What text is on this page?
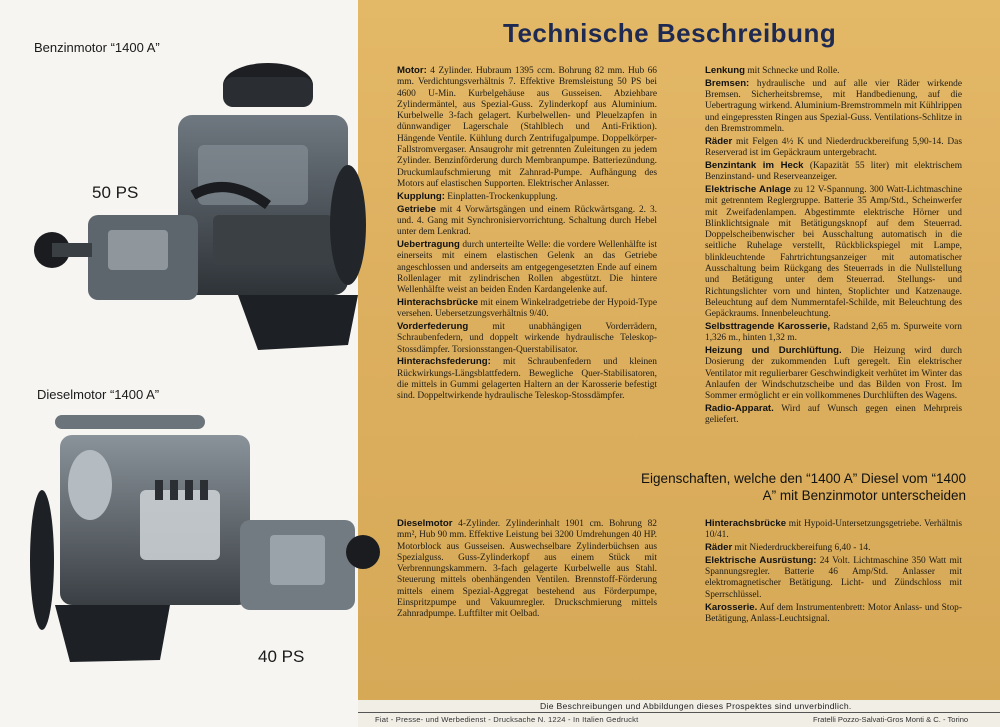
Benzinmotor “1400 A”
50 PS
Dieselmotor “1400 A”
40 PS
Technische Beschreibung

Motor: 4 Zylinder. Hubraum 1395 ccm. Bohrung 82 mm. Hub 66 mm. Verdichtungsverhältnis 7. Effektive Bremsleistung 50 PS bei 4600 U-Min. Kurbelgehäuse aus Gusseisen. Abziehbare Zylindermäntel, aus Spezial-Guss. Zylinderkopf aus Aluminium. Kurbelwelle 3-fach gelagert. Kurbelwellen- und Pleuelzapfen in dünnwandiger Lagerschale (Stahlblech und Anti-Friktion). Hängende Ventile. Kühlung durch Zentrifugalpumpe. Doppelkörper-Fallstromvergaser. Ansaugrohr mit getrennten Zuleitungen zu jedem Zylinder. Benzinförderung durch Membranpumpe. Batteriezündung. Druckumlaufschmierung mit Zahnrad-Pumpe. Aufhängung des Motors auf elastischen Supporten. Elektrischer Anlasser.

Kupplung: Einplatten-Trockenkupplung.

Getriebe mit 4 Vorwärtsgängen und einem Rückwärtsgang. 2. 3. und. 4. Gang mit Synchronisiervorrichtung. Schaltung durch Hebel unter dem Lenkrad.

Uebertragung durch unterteilte Welle: die vordere Wellenhälfte ist einerseits mit einem elastischen Gelenk an das Getriebe angeschlossen und anderseits am entgegengesetzten Ende auf einem Rollenlager mit zylindrischen Rollen abgestützt. Die hintere Wellenhälfte weist an beiden Enden Kardangelenke auf.

Hinterachsbrücke mit einem Winkelradgetriebe der Hypoid-Type versehen. Uebersetzungsverhältnis 9/40.

Vorderfederung mit unabhängigen Vorderrädern, Schraubenfedern, und doppelt wirkende hydraulische Teleskop-Stossdämpfer. Torsionsstangen-Querstabilisator.

Hinterachsfederung: mit Schraubenfedern und kleinen Rückwirkungs-Längsblattfedern. Bewegliche Quer-Stabilisatoren, die mittels in Gummi gelagerten Haltern an der Karosserie befestigt sind. Doppeltwirkende hydraulische Teleskop-Stossdämpfer.

Lenkung mit Schnecke und Rolle.

Bremsen: hydraulische und auf alle vier Räder wirkende Bremsen. Sicherheitsbremse, mit Handbedienung, auf die Uebertragung wirkend. Aluminium-Bremstrommeln mit Kühlrippen und eingepressten Ringen aus Spezial-Guss. Ventilations-Schlitze in den Bremstrommeln.

Räder mit Felgen 4½ K und Niederdruckbereifung 5,90-14. Das Reserverad ist im Gepäckraum untergebracht.

Benzintank im Heck (Kapazität 55 liter) mit elektrischem Benzinstand- und Reserveanzeiger.

Elektrische Anlage zu 12 V-Spannung. 300 Watt-Lichtmaschine mit getrenntem Reglergruppe. Batterie 35 Amp/Std., Scheinwerfer mit Zweifadenlampen. Abgestimmte elektrische Hörner und Blinklichtsignale mit Betätigungsknopf auf dem Steuerrad. Doppelscheibenwischer bei Ausschaltung automatisch in die seitliche Ruhelage verstellt, Rückblickspiegel mit Lampe, blinkleuchtende Fahrtrichtungsanzeiger mit automatischer Ausschaltung beim Rückgang des Steuerrads in die Nullstellung und Betätigung unter dem Steuerrad. Stellungs- und Richtungslichter vorn und hinten, Stoplichter und Katzenauge. Beleuchtung auf dem Nummerntafel-Schilde, mit Beleuchtung des Gepäckraums. Innenbeleuchtung.

Selbsttragende Karosserie, Radstand 2,65 m. Spurweite vorn 1,326 m., hinten 1,32 m.

Heizung und Durchlüftung. Die Heizung wird durch Dosierung der zukommenden Luft geregelt. Ein elektrischer Ventilator mit regulierbarer Geschwindigkeit verhütet im Winter das Anlaufen der Windschutzscheibe und das Bilden von Frost. Im Sommer ermöglicht er ein vollkommenes Durchlüften des Wagens.

Radio-Apparat. Wird auf Wunsch gegen einen Mehrpreis geliefert.

Eigenschaften, welche den “1400 A” Diesel vom “1400 A” mit Benzinmotor unterscheiden

Dieselmotor 4-Zylinder. Zylinderinhalt 1901 cm. Bohrung 82 mm², Hub 90 mm. Effektive Leistung bei 3200 Umdrehungen 40 HP. Motorblock aus Gusseisen. Auswechselbare Zylinderbüchsen aus Spezialguss. Guss-Zylinderkopf aus einem Stück mit Verbrennungskammern. 3-fach gelagerte Kurbelwelle aus Stahl. Steuerung mittels obenhängenden Ventilen. Brennstoff-Förderung mittels einem Spezial-Aggregat bestehend aus Förderpumpe, Einspritzpumpe und Vakuumregler. Druckschmierung mittels Zahnradpumpe. Luftfilter mit Oelbad.

Hinterachsbrücke mit Hypoid-Untersetzungsgetriebe. Verhältnis 10/41.

Räder mit Niederdruckbereifung 6,40 - 14.

Elektrische Ausrüstung: 24 Volt. Lichtmaschine 350 Watt mit Spannungsregler. Batterie 46 Amp/Std. Anlasser mit elektromagnetischer Betätigung. Licht- und Zündschloss mit Sperrschlüssel.

Karosserie. Auf dem Instrumentenbrett: Motor Anlass- und Stop-Betätigung, Anlass-Leuchtsignal.

Die Beschreibungen und Abbildungen dieses Prospektes sind unverbindlich.
Fiat - Presse- und Werbedienst - Drucksache N. 1224 - In Italien Gedruckt	Fratelli Pozzo-Salvati-Gros Monti & C. - Torino
